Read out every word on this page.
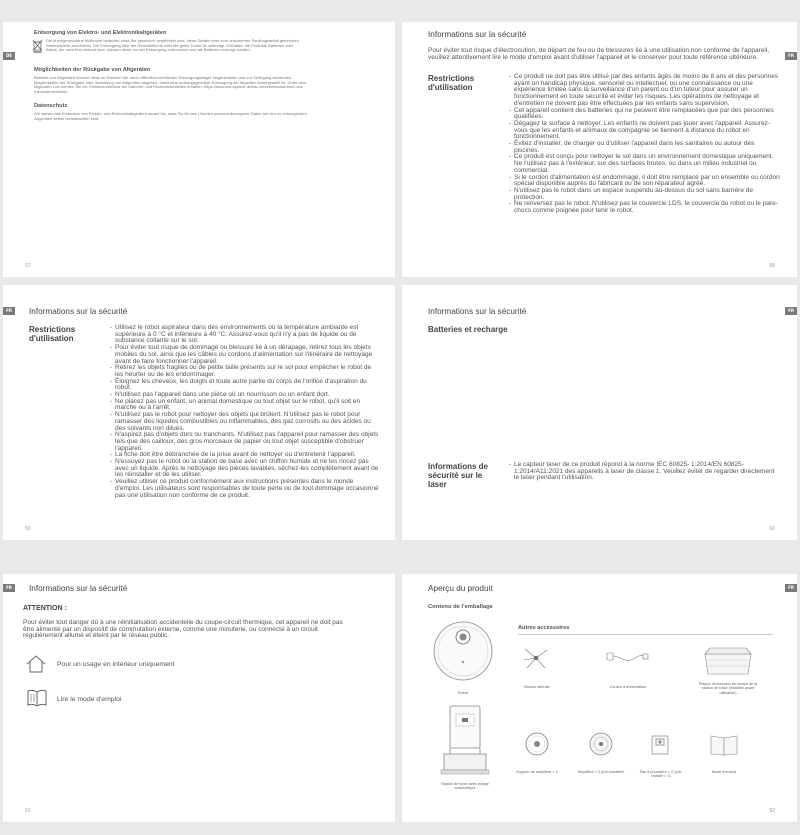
DE
Entsorgung von Elektro- und Elektronikaltgeräten
Die durchgestrichene Mülltonne bedeutet, dass Sie gesetzlich verpflichtet sind, diese Geräte einer vom unsortierten Siedlungsabfall getrennten
Sammelstelle zuzuführen. Die Entsorgung über die Restmülltonne oder die gelbe Tonne ist untersagt. Enthalten die Produkte Batterien oder
Akkus, die nicht fest verbaut sind, müssen diese vor der Entsorgung entnommen und als Batterien entsorgt werden.
Möglichkeiten der Rückgabe von Altgeräten
Besitzer von Altgeräten können diese im Rahmen der durch öffentlich-rechtlichen Entsorgungsträger eingerichteten und zur Verfügung stehenden
Möglichkeiten der Rückgabe oder Sammlung von Altgeräten abgeben, damit eine ordnungsgemäße Entsorgung der Altgeräte sichergestellt ist. Unter dem
folgenden Link können Sie ein Onlineverzeichnis der Sammel- und Rücknahmestellen erhalten: https://www.ear-system.de/ear-verzeichnis/sammel-und-
ruecknahmestellen
Datenschutz
Wir weisen alle Endnutzer von Elektro- und Elektronikaltgeräten darauf hin, dass Sie für das Löschen personenbezogener Daten auf den zu entsorgenden
Altgeräten selbst verantwortlich sind.
57
FR
Informations sur la sécurité
Pour éviter tout risque d'électrocution, de départ de feu ou de blessures lié à une utilisation non conforme de l'appareil, veuillez attentivement lire le mode d'emploi avant d'utiliser l'appareil et le conserver pour toute référence ultérieure.
Restrictions d'utilisation
- Ce produit ne doit pas être utilisé par des enfants âgés de moins de 8 ans et des personnes ayant un handicap physique, sensoriel ou intellectuel, ou une connaissance ou une expérience limitée sans la surveillance d'un parent ou d'un tuteur pour assurer un fonctionnement en toute sécurité et éviter les risques. Les opérations de nettoyage et d'entretien ne doivent pas être effectuées par les enfants sans supervision.
- Cet appareil contient des batteries qui ne peuvent être remplacées que par des personnes qualifiées.
- Dégagez la surface à nettoyer. Les enfants ne doivent pas jouer avec l'appareil. Assurez-vous que les enfants et animaux de compagnie se tiennent à distance du robot en fonctionnement.
- Évitez d'installer, de charger ou d'utiliser l'appareil dans les sanitaires ou autour des piscines.
- Ce produit est conçu pour nettoyer le sol dans un environnement domestique uniquement. Ne l'utilisez pas à l'extérieur, sur des surfaces brutes, ou dans un milieu industriel ou commercial.
- Si le cordon d'alimentation est endommagé, il doit être remplacé par un ensemble ou cordon spécial disponible auprès du fabricant ou de son réparateur agréé.
- N'utilisez pas le robot dans un espace suspendu au-dessus du sol sans barrière de protection.
- Ne renversez pas le robot. N'utilisez pas le couvercle LDS, le couvercle du robot ou le pare-chocs comme poignée pour tenir le robot.
58
FR	Informations sur la sécurité
Restrictions d'utilisation
- Utilisez le robot aspirateur dans des environnements où la température ambiante est supérieure à 0 °C et inférieure à 40 °C. Assurez-vous qu'il n'y a pas de liquide ou de substance collante sur le sol.
- Pour éviter tout risque de dommage ou blessure lié à un dérapage, retirez tous les objets mobiles du sol, ainsi que les câbles ou cordons d'alimentation sur l'itinéraire de nettoyage avant de faire fonctionner l'appareil.
- Retirez les objets fragiles ou de petite taille présents sur le sol pour empêcher le robot de les heurter ou de les endommager.
- Éloignez les cheveux, les doigts et toute autre partie du corps de l'orifice d'aspiration du robot.
- N'utilisez pas l'appareil dans une pièce où un nourrisson ou un enfant dort.
- Ne placez pas un enfant, un animal domestique ou tout objet sur le robot, qu'il soit en marche ou à l'arrêt.
- N'utilisez pas le robot pour nettoyer des objets qui brûlent. N'utilisez pas le robot pour ramasser des liquides combustibles ou inflammables, des gaz corrosifs ou des acides ou des solvants non dilués.
- N'aspirez pas d'objets durs ou tranchants. N'utilisez pas l'appareil pour ramasser des objets tels que des cailloux, des gros morceaux de papier ou tout objet susceptible d'obstruer l'appareil.
- La fiche doit être débranchée de la prise avant de nettoyer ou d'entretenir l'appareil.
- N'essuyez pas le robot ou la station de base avec un chiffon humide et ne les rincez pas avec un liquide. Après le nettoyage des pièces lavables, séchez-les complètement avant de les réinstaller et de les utiliser.
- Veuillez utiliser ce produit conformément aux instructions présentes dans le monde d'emploi. Les utilisateurs sont responsables de toute perte ou de tout dommage occasionné pas une utilisation non conforme de ce produit.
59
FR
Informations sur la sécurité
Batteries et recharge
Informations de sécurité sur le laser
- Le capteur laser de ce produit répond à la norme IEC 60825- 1:2014/EN 60825-1:2014/A11:2021 des appareils à laser de classe 1. Veuillez éviter de regarder directement le laser pendant l'utilisation.
60
FR	Informations sur la sécurité
ATTENTION :
Pour éviter tout danger dû à une réinitialisation accidentelle du coupe-circuit thermique, cet appareil ne doit pas être alimenté par un dispositif de commutation externe, comme une minuterie, ou connecté à un circuit régulièrement allumé et éteint par le réseau public.
Pour un usage en intérieur uniquement
Lire le mode d'emploi
61
FR
Aperçu du produit
Contenu de l'emballage
Robot
Station de base avec vidage automatique
Autres accessoires
Brosse latérale	Cordon d'alimentation
Plaque d'extension de rampe de la station de base (installée avant utilisation)
Support de serpillère × 2	Serpillère × 2 (pré-installée)	Sac à poussière × 2 (pré-installé × 1)
Mode d'emploi
62
